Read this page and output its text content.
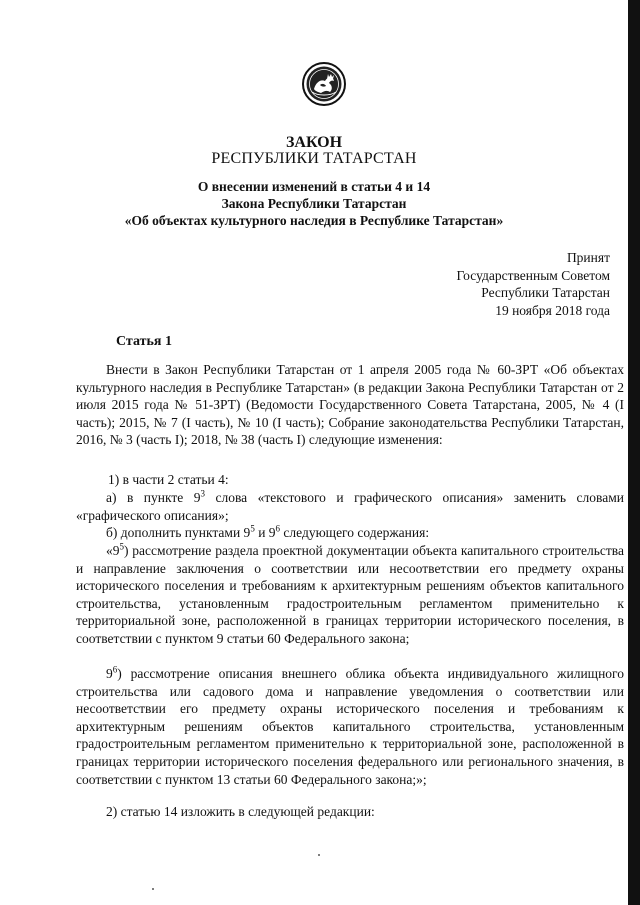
ЗАКОН
РЕСПУБЛИКИ ТАТАРСТАН
О внесении изменений в статьи 4 и 14
Закона Республики Татарстан
«Об объектах культурного наследия в Республике Татарстан»
Принят
Государственным Советом
Республики Татарстан
19 ноября 2018 года
Статья 1

Внести в Закон Республики Татарстан от 1 апреля 2005 года № 60-ЗРТ «Об объектах культурного наследия в Республике Татарстан» (в редакции Закона Республики Татарстан от 2 июля 2015 года № 51-ЗРТ) (Ведомости Государственного Совета Татарстана, 2005, № 4 (I часть); 2015, № 7 (I часть), № 10 (I часть); Собрание законодательства Республики Татарстан, 2016, № 3 (часть I); 2018, № 38 (часть I) следующие изменения:

1) в части 2 статьи 4:

а) в пункте $9^3$ слова «текстового и графического описания» заменить словами «графического описания»;

б) дополнить пунктами $9^5$ и $9^6$ следующего содержания:

«$9^5$) рассмотрение раздела проектной документации объекта капитального строительства и направление заключения о соответствии или несоответствии его предмету охраны исторического поселения и требованиям к архитектурным решениям объектов капитального строительства, установленным градостроительным регламентом применительно к территориальной зоне, расположенной в границах территории исторического поселения, в соответствии с пунктом 9 статьи 60 Федерального закона;

$9^6$) рассмотрение описания внешнего облика объекта индивидуального жилищного строительства или садового дома и направление уведомления о соответствии или несоответствии его предмету охраны исторического поселения и требованиям к архитектурным решениям объектов капитального строительства, установленным градостроительным регламентом применительно к территориальной зоне, расположенной в границах территории исторического поселения федерального или регионального значения, в соответствии с пунктом 13 статьи 60 Федерального закона;»;

2) статью 14 изложить в следующей редакции:
